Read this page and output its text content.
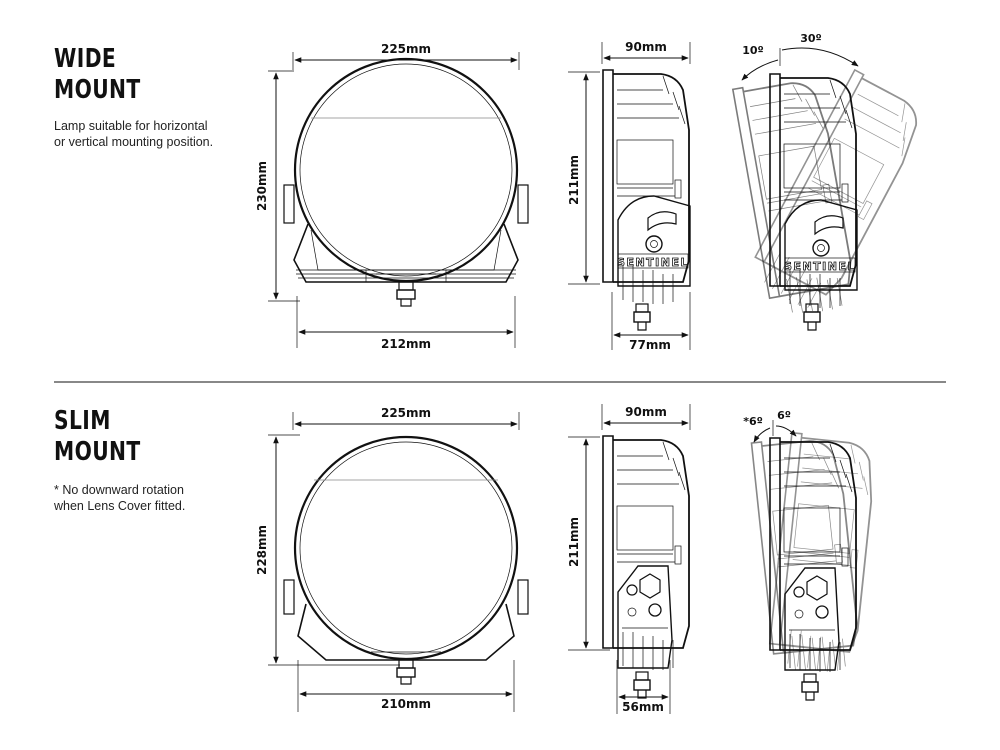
WIDE
MOUNT
Lamp suitable for horizontal
or vertical mounting position.
SLIM
MOUNT
* No downward rotation
when Lens Cover fitted.
225mm
230mm
212mm
SENTINEL
90mm
211mm
77mm
SENTINEL
10º
30º
225mm
228mm
210mm
90mm
211mm
56mm
*6º 6º
